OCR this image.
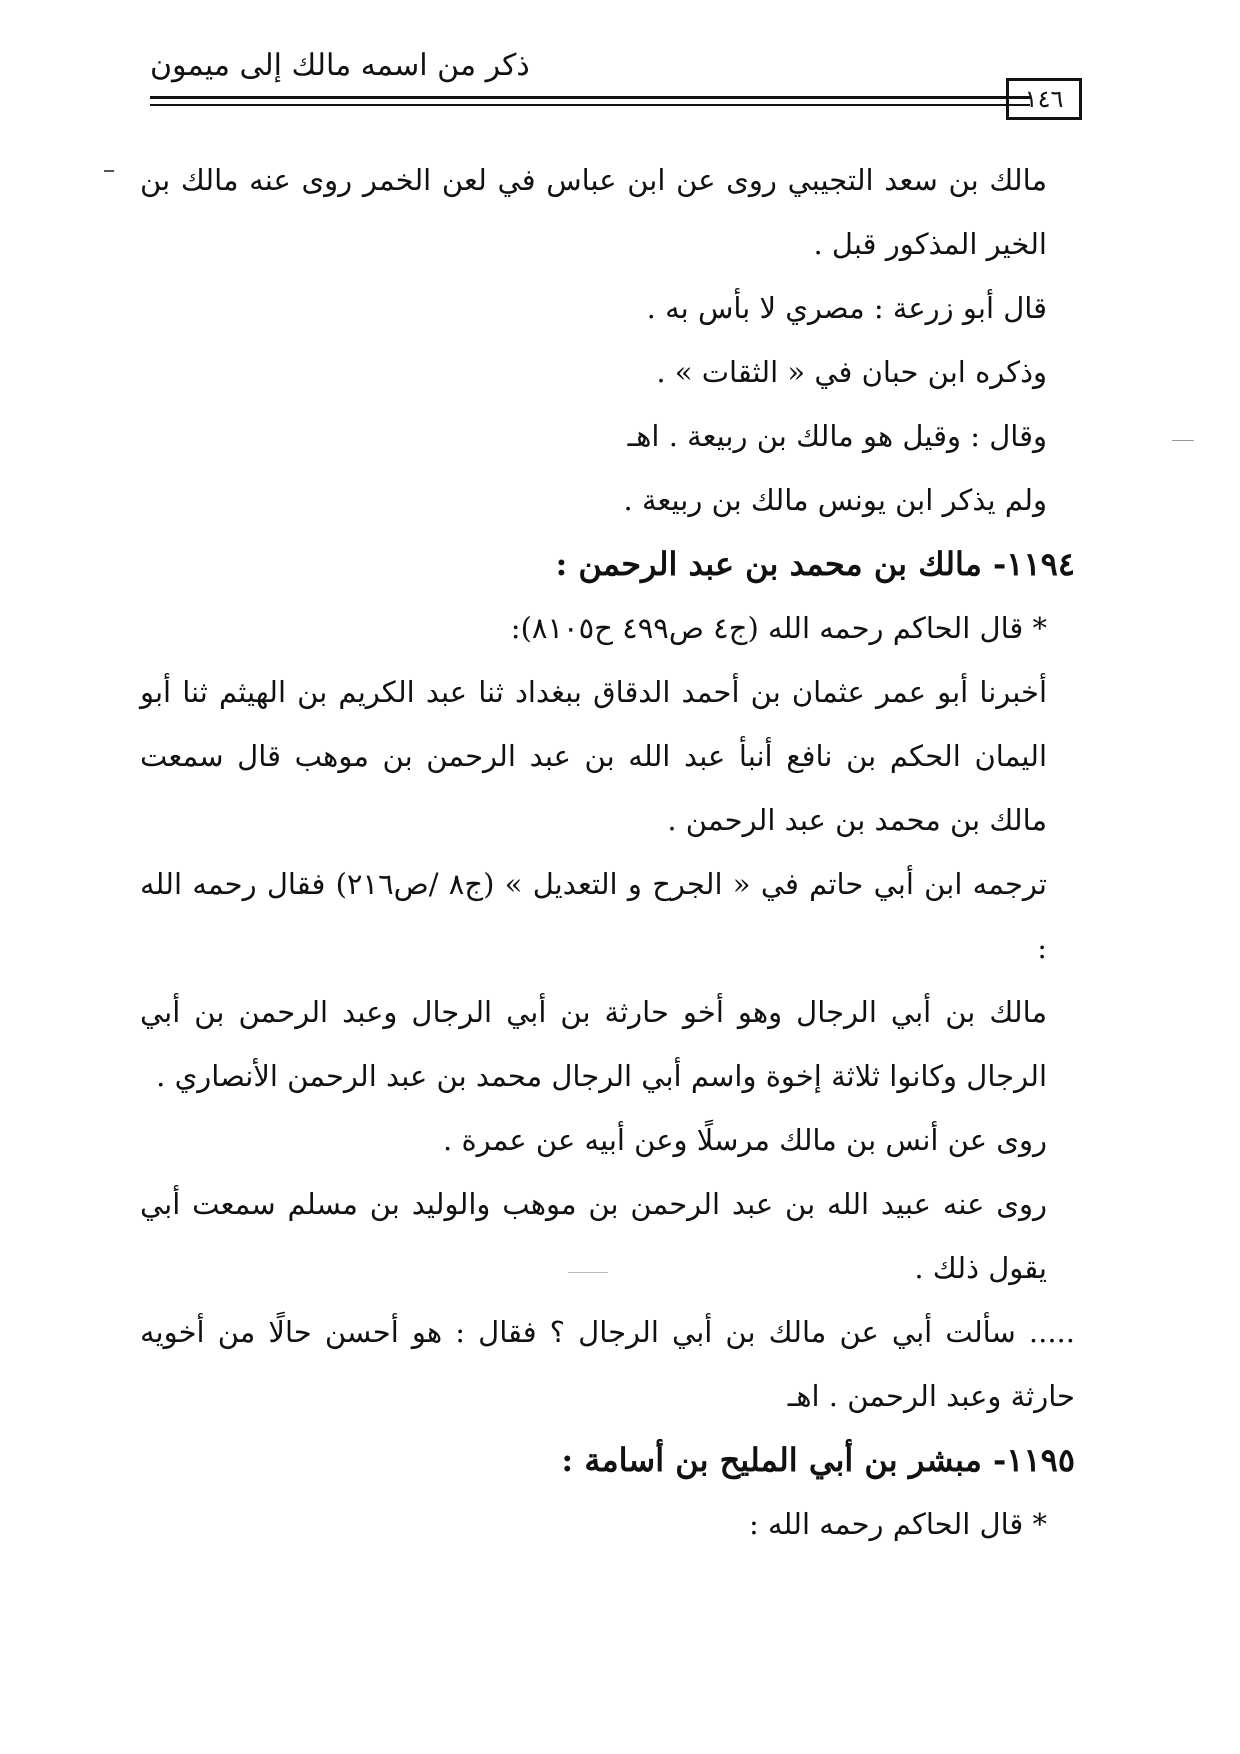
ذكر من اسمه مالك إلى ميمون
١٤٦

مالك بن سعد التجيبي روى عن ابن عباس في لعن الخمر روى عنه مالك بن الخير المذكور قبل .

قال أبو زرعة : مصري لا بأس به .

وذكره ابن حبان في « الثقات » .

وقال : وقيل هو مالك بن ربيعة . اهـ

ولم يذكر ابن يونس مالك بن ربيعة .

١١٩٤- مالك بن محمد بن عبد الرحمن :

* قال الحاكم رحمه الله (ج٤ ص٤٩٩ ح٨١٠٥):

أخبرنا أبو عمر عثمان بن أحمد الدقاق ببغداد ثنا عبد الكريم بن الهيثم ثنا أبو اليمان الحكم بن نافع أنبأ عبد الله بن عبد الرحمن بن موهب قال سمعت مالك بن محمد بن عبد الرحمن .

ترجمه ابن أبي حاتم في « الجرح و التعديل » (ج٨ /ص٢١٦) فقال رحمه الله :

مالك بن أبي الرجال وهو أخو حارثة بن أبي الرجال وعبد الرحمن بن أبي الرجال وكانوا ثلاثة إخوة واسم أبي الرجال محمد بن عبد الرحمن الأنصاري .

روى عن أنس بن مالك مرسلًا وعن أبيه عن عمرة .

روى عنه عبيد الله بن عبد الرحمن بن موهب والوليد بن مسلم سمعت أبي يقول ذلك .

..... سألت أبي عن مالك بن أبي الرجال ؟ فقال : هو أحسن حالًا من أخويه حارثة وعبد الرحمن . اهـ

١١٩٥- مبشر بن أبي المليح بن أسامة :

* قال الحاكم رحمه الله :
